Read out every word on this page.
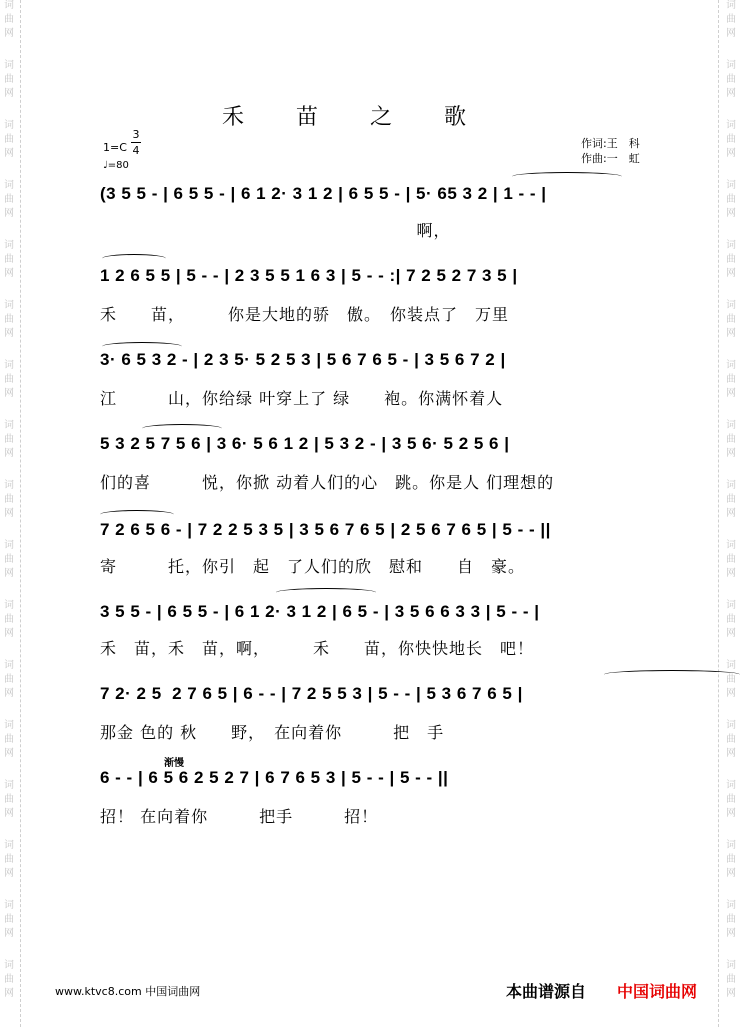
词
曲
网
词
曲
网
词
曲
网
词
曲
网
词
曲
网
词
曲
网
词
曲
网
词
曲
网
词
曲
网
词
曲
网
词
曲
网
词
曲
网
词
曲
网
词
曲
网
词
曲
网
词
曲
网
词
曲
网
词
曲
网
词
曲
网
词
曲
网
词
曲
网
词
曲
网
词
曲
网
词
曲
网
词
曲
网
词
曲
网
词
曲
网
词
曲
网
词
曲
网
词
曲
网
词
曲
网
词
曲
网
词
曲
网
词
曲
网
禾苗之歌
1=C
3
4
♩=80
作词:王　科
作曲:一　虹
(3 5 5 - | 6 5 5 - | 6 1 2· 3 1 2 | 6 5 5 - | 5· 65 3 2 | 1 - - |
啊，
1 2 6 5 5 | 5 - - | 2 3 5 5 1 6 3 | 5 - - :| 7 2 5 2 7 3 5 |
禾　　苗，　　　你是大地的骄　傲。　你装点了　万里
3· 6 5 3 2 - | 2 3 5· 5 2 5 3 | 5 6 7 6 5 - | 3 5 6 7 2 |
江　　　山，你给绿 叶穿上了 绿　　袍。你满怀着人
5 3 2 5 7 5 6 | 3 6· 5 6 1 2 | 5 3 2 - | 3 5 6· 5 2 5 6 |
们的喜　　　悦，你掀 动着人们的心　跳。你是人 们理想的
7 2 6 5 6 - | 7 2 2 5 3 5 | 3 5 6 7 6 5 | 2 5 6 7 6 5 | 5 - - ||
寄　　　托，你引　起　了人们的欣　慰和　　自　豪。
3 5 5 - | 6 5 5 - | 6 1 2· 3 1 2 | 6 5 - | 3 5 6 6 3 3 | 5 - - |
禾　苗，禾　苗，啊，　　　禾　　苗，你快快地长　吧！
7 2· 2 5  2 7 6 5 | 6 - - | 7 2 5 5 3 | 5 - - | 5 3 6 7 6 5 |
那金 色的 秋　　野，　在向着你　　　把　手
渐慢
6 - - | 6 5 6 2 5 2 7 | 6 7 6 5 3 | 5 - - | 5 - - ||
招！ 在向着你　　　把手　　　招！
www.ktvc8.com 中国词曲网	本曲谱源自 中国词曲网
